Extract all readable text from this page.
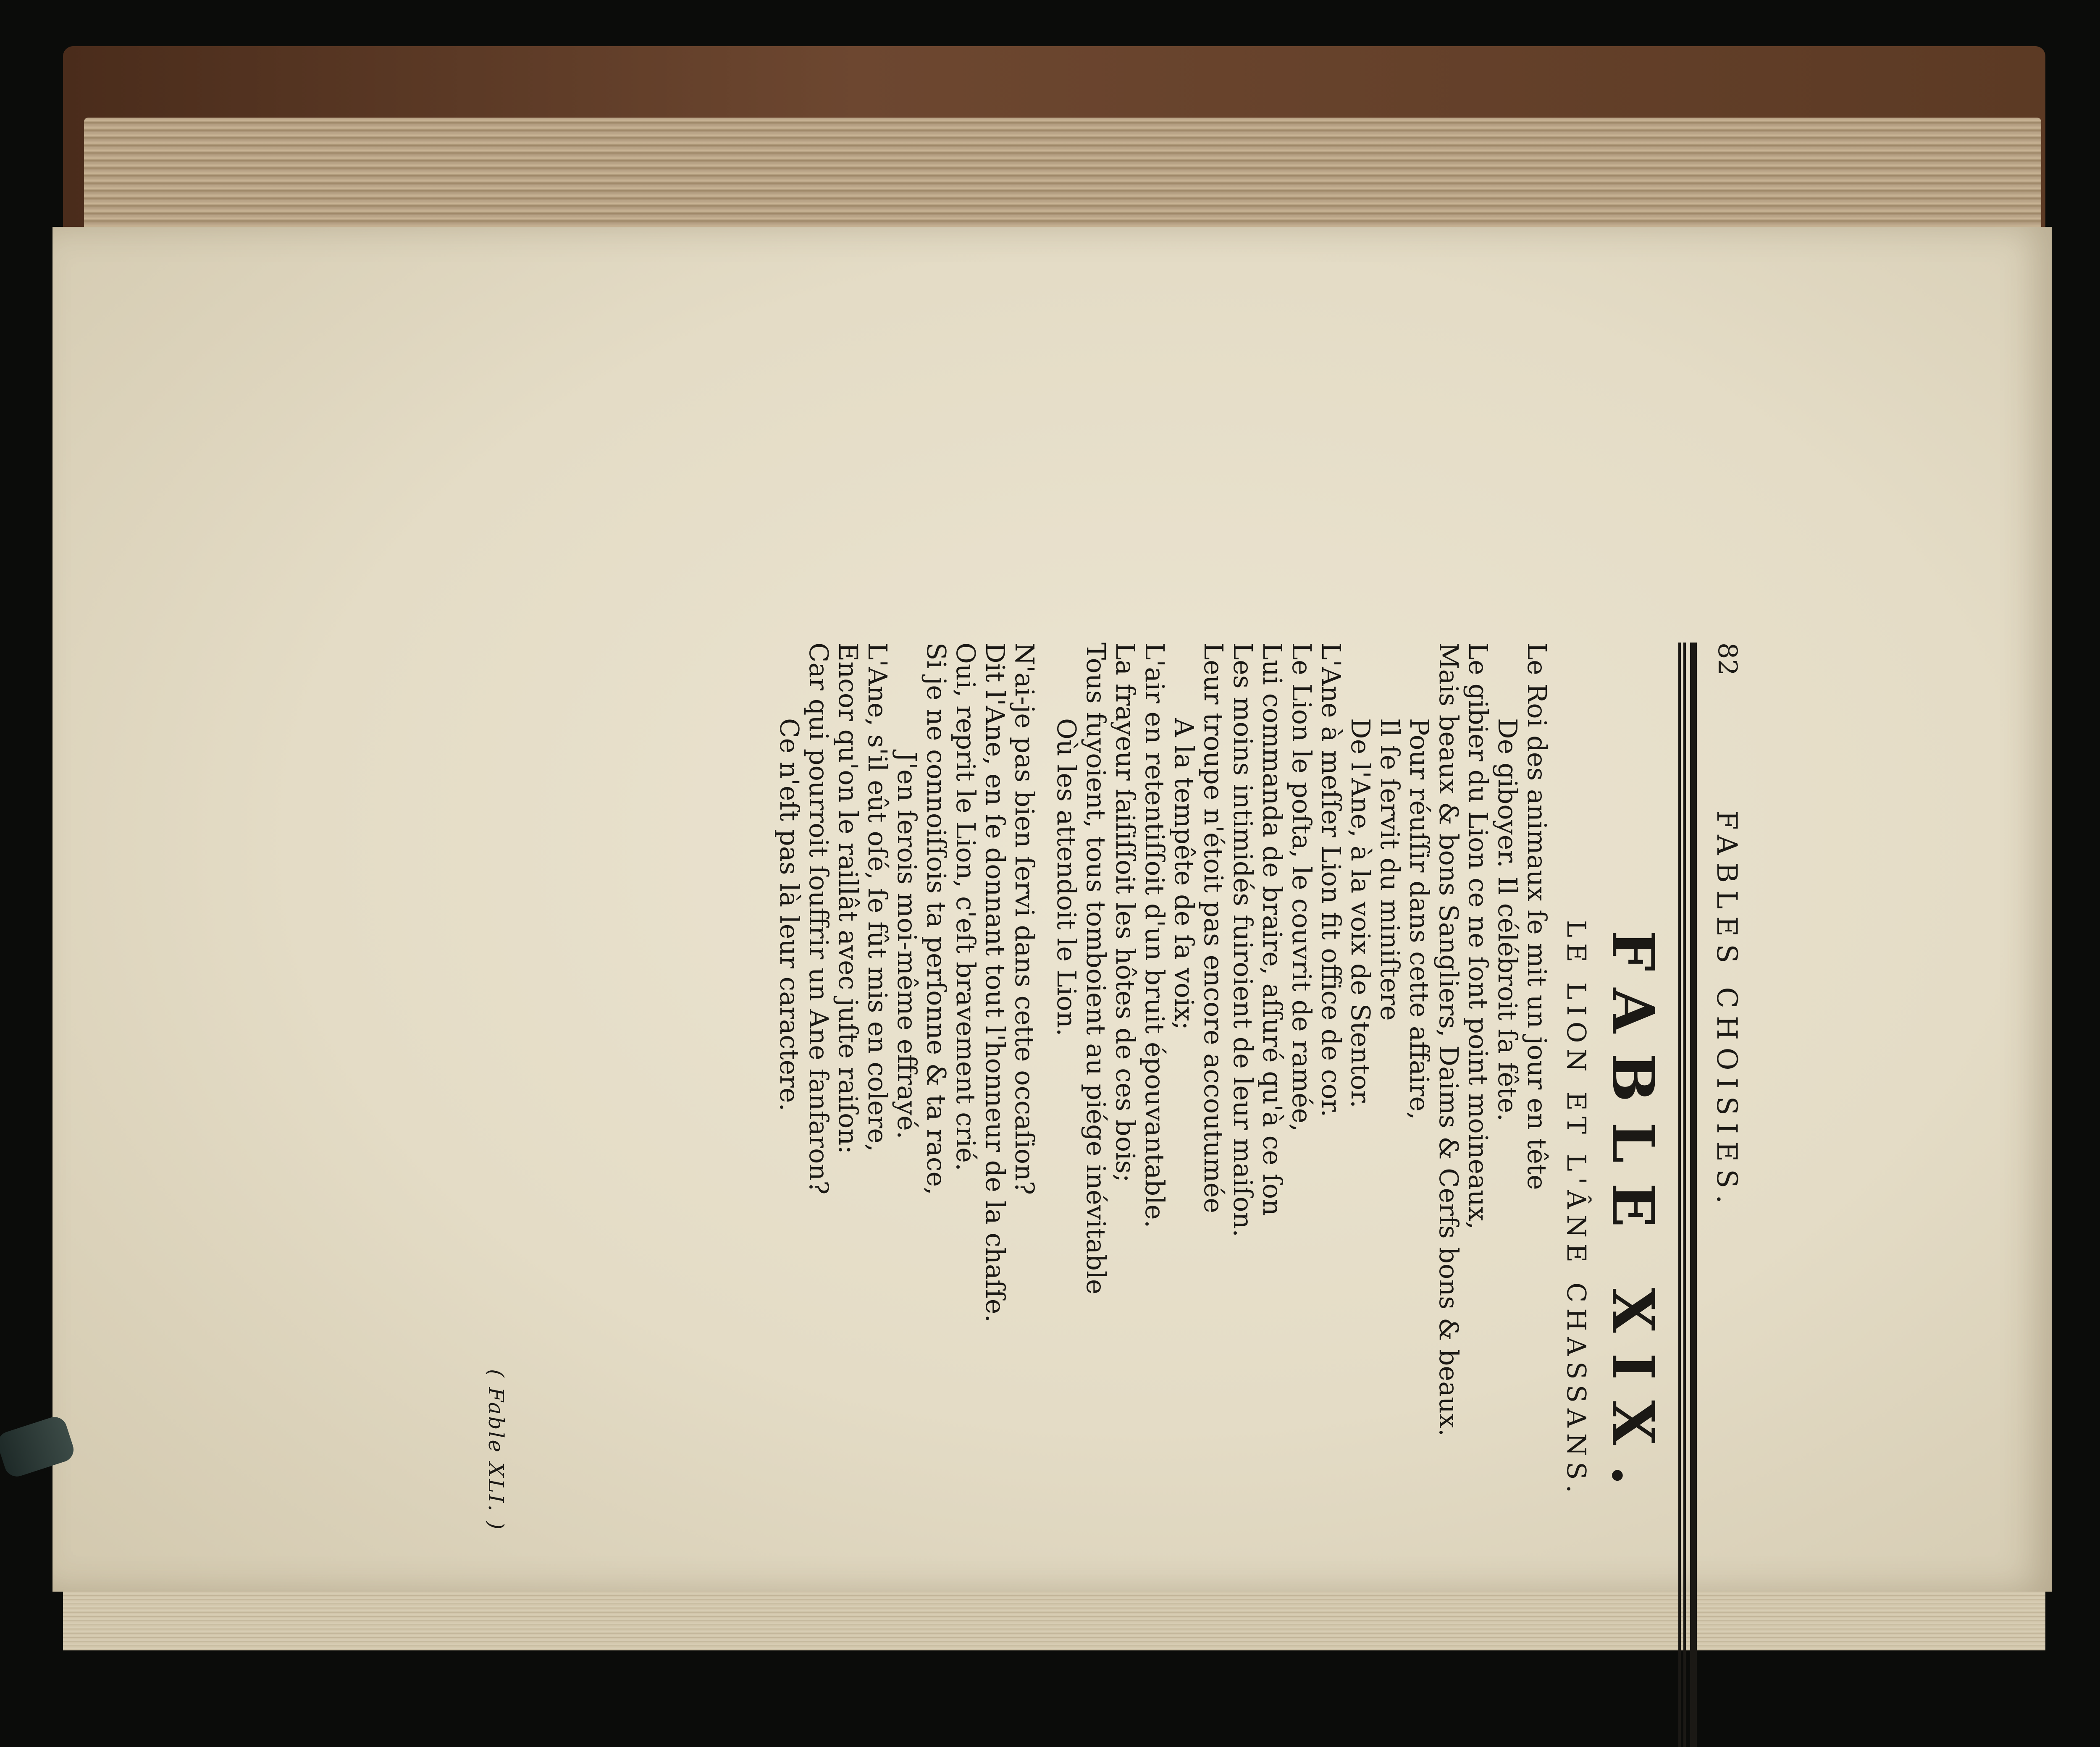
82
FABLES CHOISIES.
FABLE XIX.
LE LION ET L'ÂNE CHASSANS.
Le Roi des animaux ſe mit un jour en tête
De giboyer. Il célébroit ſa fête.
Le gibier du Lion ce ne ſont point moineaux,
Mais beaux & bons Sangliers, Daims & Cerfs bons & beaux.
Pour réuſſir dans cette affaire,
Il ſe ſervit du miniſtere
De l'Ane, à la voix de Stentor.
L'Ane à meſſer Lion fit office de cor.
Le Lion le poſta, le couvrit de ramée,
Lui commanda de braire, aſſuré qu'à ce ſon
Les moins intimidés fuiroient de leur maiſon.
Leur troupe n'étoit pas encore accoutumée
A la tempête de ſa voix;
L'air en retentiſſoit d'un bruit épouvantable.
La frayeur ſaiſiſſoit les hôtes de ces bois;
Tous fuyoient, tous tomboient au piége inévitable
Où les attendoit le Lion.
N'ai-je pas bien ſervi dans cette occaſion?
Dit l'Ane, en ſe donnant tout l'honneur de la chaſſe.
Oui, reprit le Lion, c'eſt bravement crié.
Si je ne connoiſſois ta perſonne & ta race,
J'en ſerois moi-même effrayé.
L'Ane, s'il eût oſé, ſe fût mis en colere,
Encor qu'on le raillât avec juſte raiſon:
Car qui pourroit ſouffrir un Ane fanfaron?
Ce n'eſt pas là leur caractere.
( Fable XLI. )
